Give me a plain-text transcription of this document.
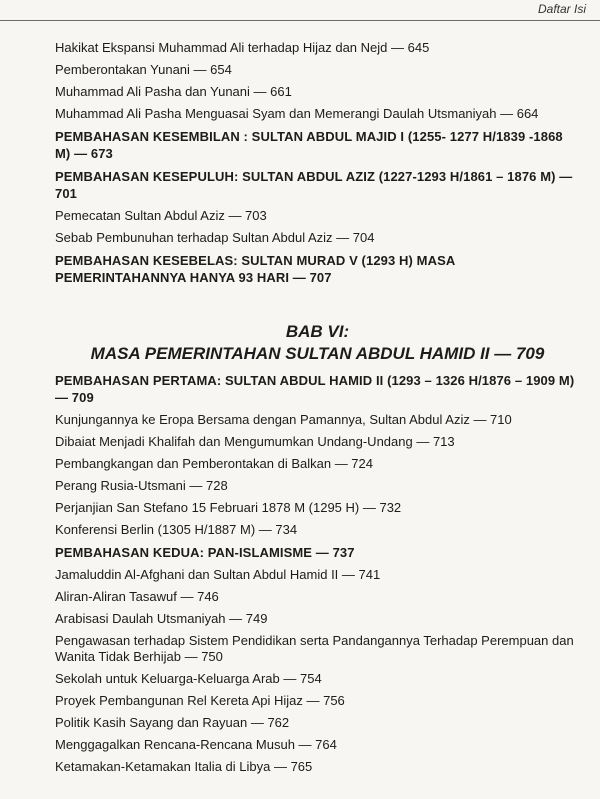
Daftar Isi
Hakikat Ekspansi Muhammad Ali terhadap Hijaz dan Nejd — 645
Pemberontakan Yunani — 654
Muhammad Ali Pasha dan Yunani — 661
Muhammad Ali Pasha Menguasai Syam dan Memerangi Daulah Utsmaniyah — 664
PEMBAHASAN KESEMBILAN : SULTAN ABDUL MAJID I (1255- 1277 H/1839 -1868 M) — 673
PEMBAHASAN KESEPULUH: SULTAN ABDUL AZIZ (1227-1293 H/1861 – 1876 M) — 701
Pemecatan Sultan Abdul Aziz — 703
Sebab Pembunuhan terhadap Sultan Abdul Aziz — 704
PEMBAHASAN KESEBELAS: SULTAN MURAD V (1293 H) MASA PEMERINTAHANNYA HANYA 93 HARI — 707
BAB VI:
MASA PEMERINTAHAN SULTAN ABDUL HAMID II — 709
PEMBAHASAN PERTAMA: SULTAN ABDUL HAMID II (1293 – 1326 H/1876 – 1909 M) — 709
Kunjungannya ke Eropa Bersama dengan Pamannya, Sultan Abdul Aziz — 710
Dibaiat Menjadi Khalifah dan Mengumumkan Undang-Undang — 713
Pembangkangan dan Pemberontakan di Balkan — 724
Perang Rusia-Utsmani — 728
Perjanjian San Stefano 15 Februari 1878 M (1295 H) — 732
Konferensi Berlin (1305 H/1887 M) — 734
PEMBAHASAN KEDUA: PAN-ISLAMISME — 737
Jamaluddin Al-Afghani dan Sultan Abdul Hamid II — 741
Aliran-Aliran Tasawuf — 746
Arabisasi Daulah Utsmaniyah — 749
Pengawasan terhadap Sistem Pendidikan serta Pandangannya Terhadap Perempuan dan Wanita Tidak Berhijab — 750
Sekolah untuk Keluarga-Keluarga Arab — 754
Proyek Pembangunan Rel Kereta Api Hijaz — 756
Politik Kasih Sayang dan Rayuan — 762
Menggagalkan Rencana-Rencana Musuh — 764
Ketamakan-Ketamakan Italia di Libya — 765
